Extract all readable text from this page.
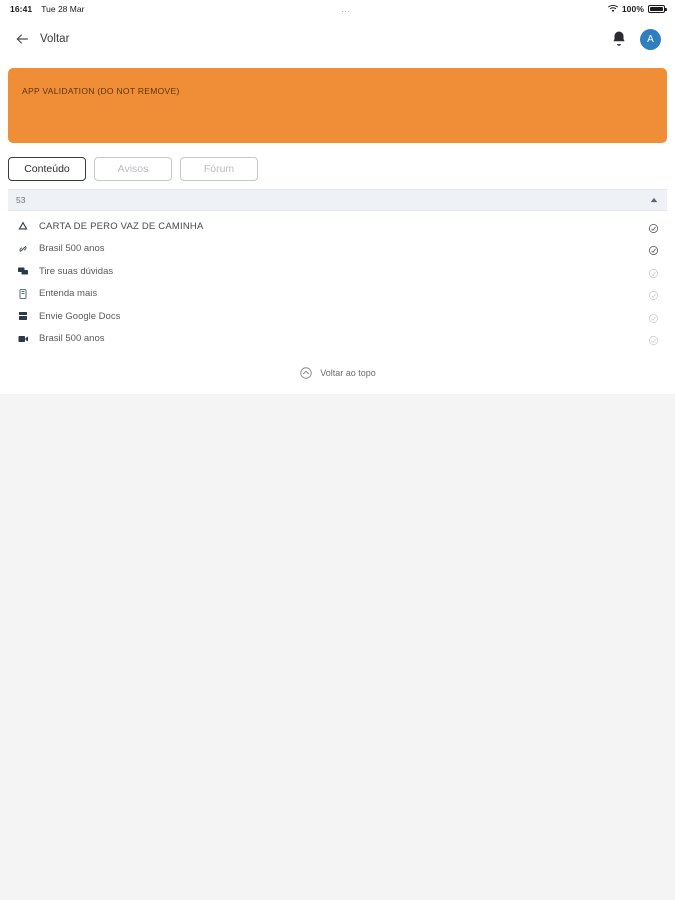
16:41 Tue 28 Mar	...	100%
Voltar	A
APP VALIDATION (DO NOT REMOVE)
Conteúdo	Avisos	Fórum
53
CARTA DE PERO VAZ DE CAMINHA
Brasil 500 anos
Tire suas dúvidas
Entenda mais
Envie Google Docs
Brasil 500 anos
Voltar ao topo
